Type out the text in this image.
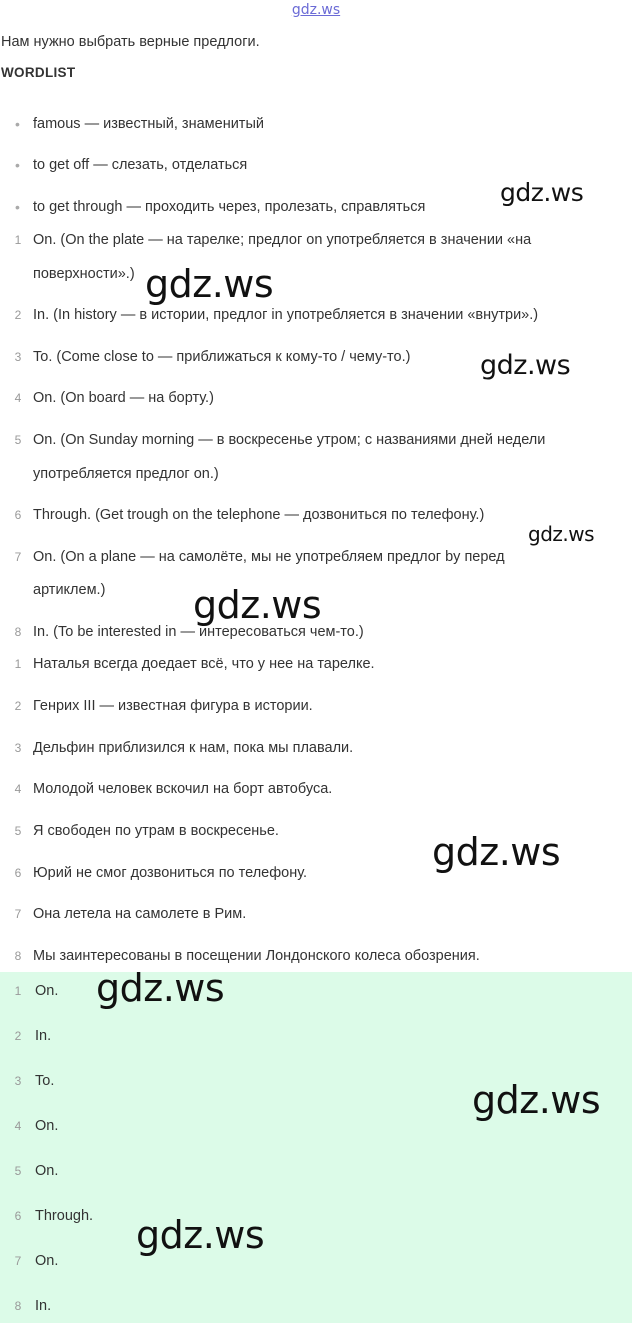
gdz.ws
Нам нужно выбрать верные предлоги.
WORDLIST
• famous — известный, знаменитый
• to get off — слезать, отделаться
• to get through — проходить через, пролезать, справляться
1 On. (On the plate — на тарелке; предлог on употребляется в значении «на
поверхности».)
2 In. (In history — в истории, предлог in употребляется в значении «внутри».)
3 To. (Come close to — приближаться к кому-то / чему-то.)
4 On. (On board — на борту.)
5 On. (On Sunday morning — в воскресенье утром; с названиями дней недели
употребляется предлог on.)
6 Through. (Get trough on the telephone — дозвониться по телефону.)
7 On. (On a plane — на самолёте, мы не употребляем предлог by перед
артиклем.)
8 In. (To be interested in — интересоваться чем-то.)
1 Наталья всегда доедает всё, что у нее на тарелке.
2 Генрих III — известная фигура в истории.
3 Дельфин приблизился к нам, пока мы плавали.
4 Молодой человек вскочил на борт автобуса.
5 Я свободен по утрам в воскресенье.
6 Юрий не смог дозвониться по телефону.
7 Она летела на самолете в Рим.
8 Мы заинтересованы в посещении Лондонского колеса обозрения.
1 On.
2 In.
3 To.
4 On.
5 On.
6 Through.
7 On.
8 In.
gdz.ws
gdz.ws
gdz.ws
gdz.ws
gdz.ws
gdz.ws
gdz.ws
gdz.ws
gdz.ws
